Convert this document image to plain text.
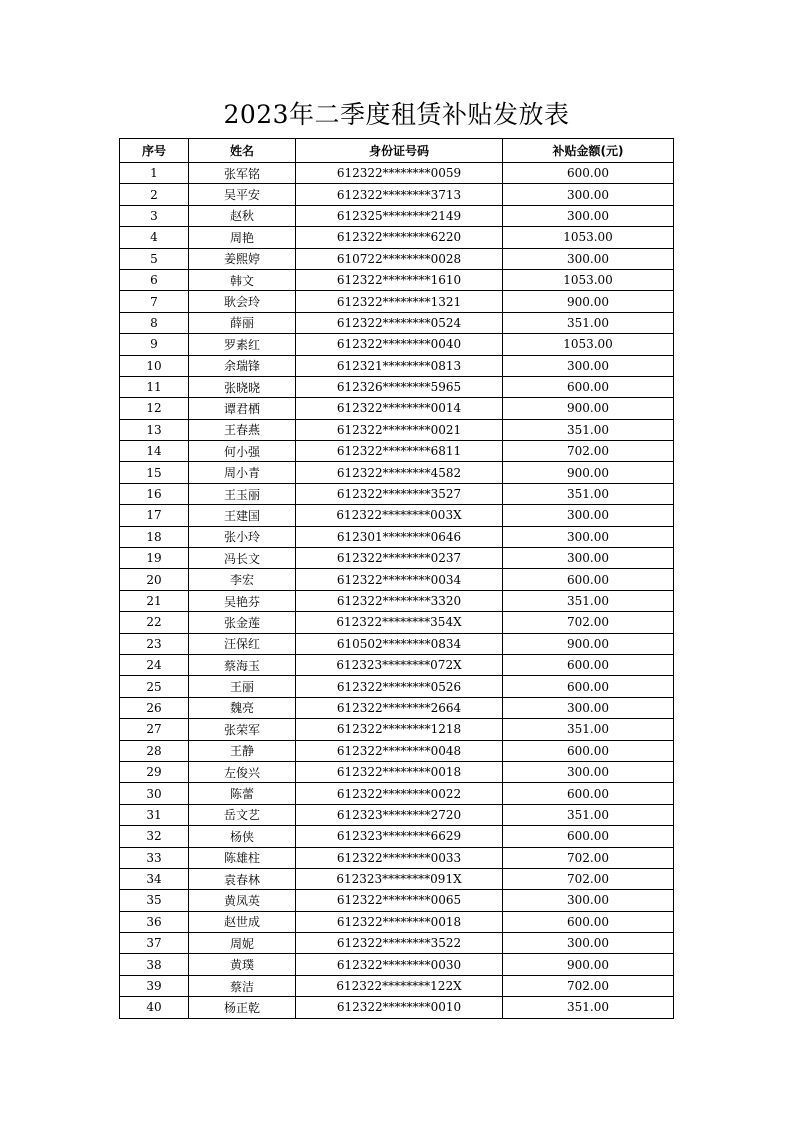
2023年二季度租赁补贴发放表
序号	姓名	身份证号码	补贴金额(元)
1	张军铭	612322********0059	600.00
2	吴平安	612322********3713	300.00
3	赵秋	612325********2149	300.00
4	周艳	612322********6220	1053.00
5	姜熙婷	610722********0028	300.00
6	韩文	612322********1610	1053.00
7	耿会玲	612322********1321	900.00
8	薛丽	612322********0524	351.00
9	罗素红	612322********0040	1053.00
10	余瑞锋	612321********0813	300.00
11	张晓晓	612326********5965	600.00
12	谭君栖	612322********0014	900.00
13	王春燕	612322********0021	351.00
14	何小强	612322********6811	702.00
15	周小青	612322********4582	900.00
16	王玉丽	612322********3527	351.00
17	王建国	612322********003X	300.00
18	张小玲	612301********0646	300.00
19	冯长文	612322********0237	300.00
20	李宏	612322********0034	600.00
21	吴艳芬	612322********3320	351.00
22	张金莲	612322********354X	702.00
23	汪保红	610502********0834	900.00
24	蔡海玉	612323********072X	600.00
25	王丽	612322********0526	600.00
26	魏亮	612322********2664	300.00
27	张荣军	612322********1218	351.00
28	王静	612322********0048	600.00
29	左俊兴	612322********0018	300.00
30	陈蕾	612322********0022	600.00
31	岳文艺	612323********2720	351.00
32	杨侠	612323********6629	600.00
33	陈雄柱	612322********0033	702.00
34	袁春林	612323********091X	702.00
35	黄凤英	612322********0065	300.00
36	赵世成	612322********0018	600.00
37	周妮	612322********3522	300.00
38	黄璞	612322********0030	900.00
39	蔡洁	612322********122X	702.00
40	杨正乾	612322********0010	351.00
